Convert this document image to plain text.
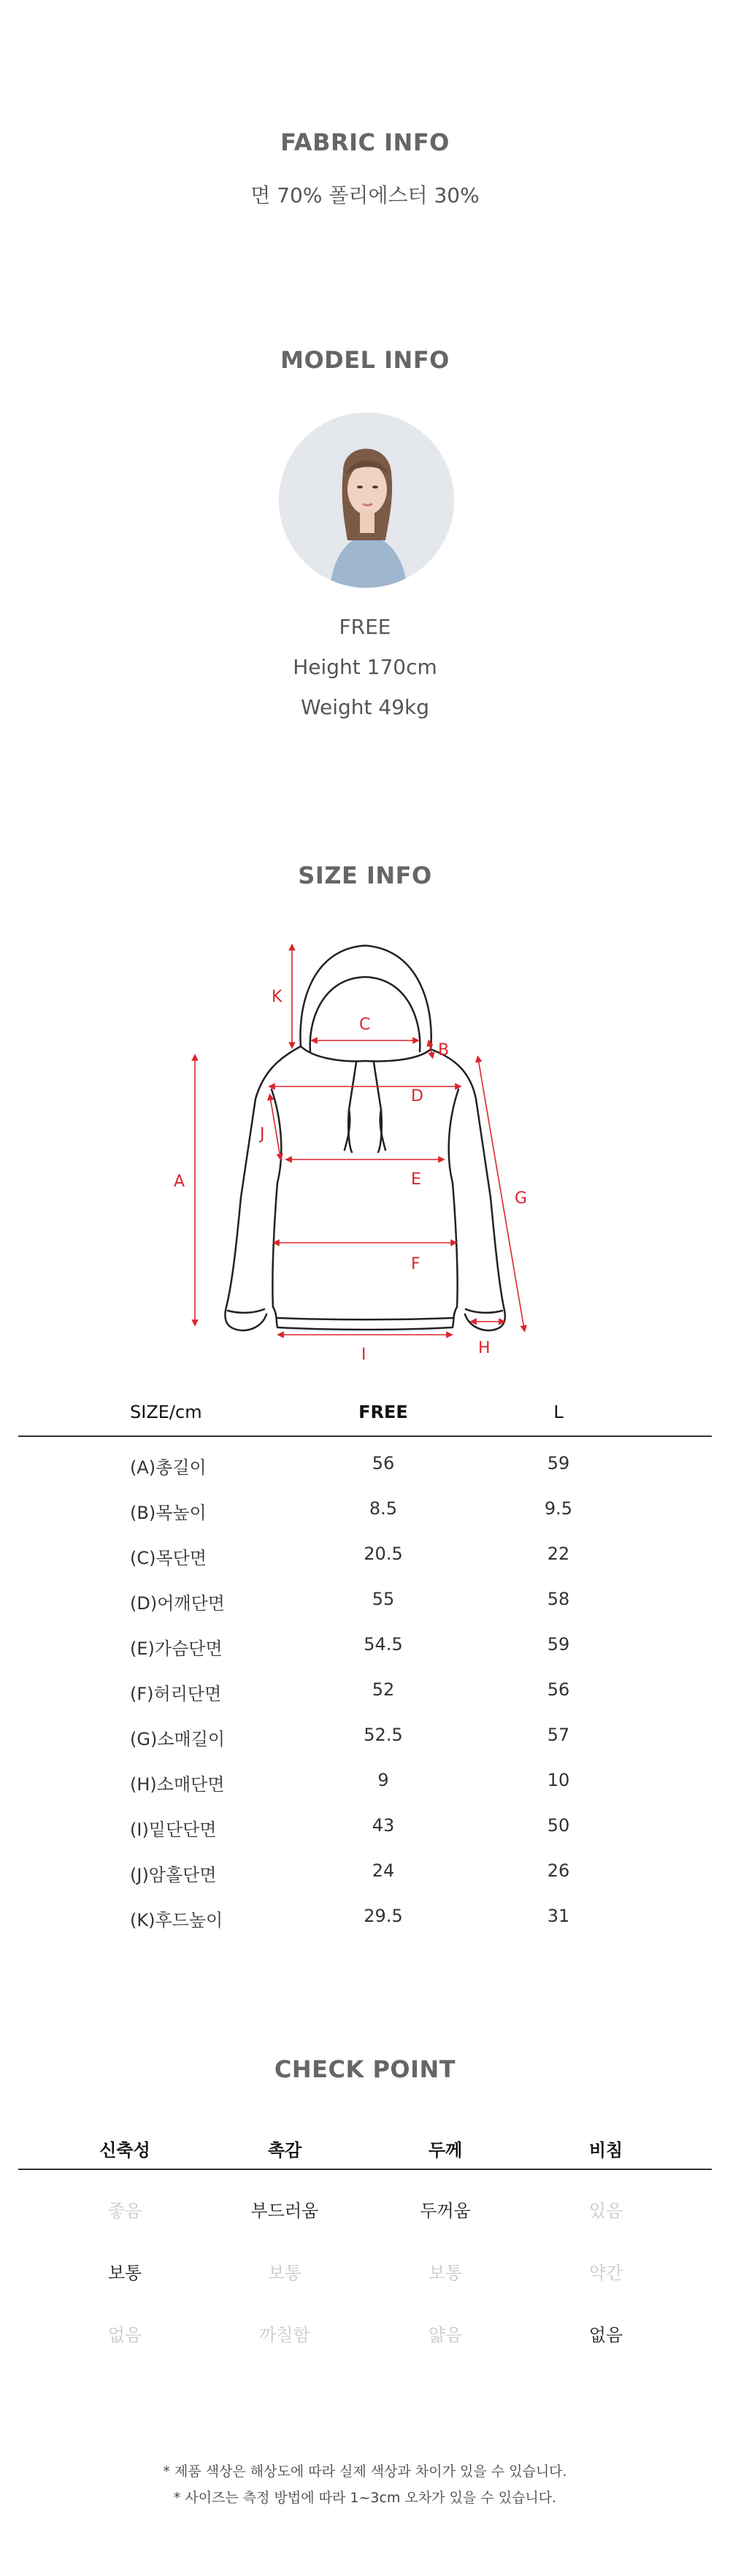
FABRIC INFO
면 70% 폴리에스터 30%
MODEL INFO
FREE
Height 170cm
Weight 49kg
SIZE INFO
A
B
C
D
E
F
G
H
I
J
K
SIZE/cm	FREE	L
(A)총길이	56	59
(B)목높이	8.5	9.5
(C)목단면	20.5	22
(D)어깨단면	55	58
(E)가슴단면	54.5	59
(F)허리단면	52	56
(G)소매길이	52.5	57
(H)소매단면	9	10
(I)밑단단면	43	50
(J)암홀단면	24	26
(K)후드높이	29.5	31
CHECK POINT
신축성	촉감	두께	비침
좋음	부드러움	두꺼움	있음
보통	보통	보통	약간
없음	까칠함	얇음	없음
* 제품 색상은 해상도에 따라 실제 색상과 차이가 있을 수 있습니다.
* 사이즈는 측정 방법에 따라 1~3cm 오차가 있을 수 있습니다.
